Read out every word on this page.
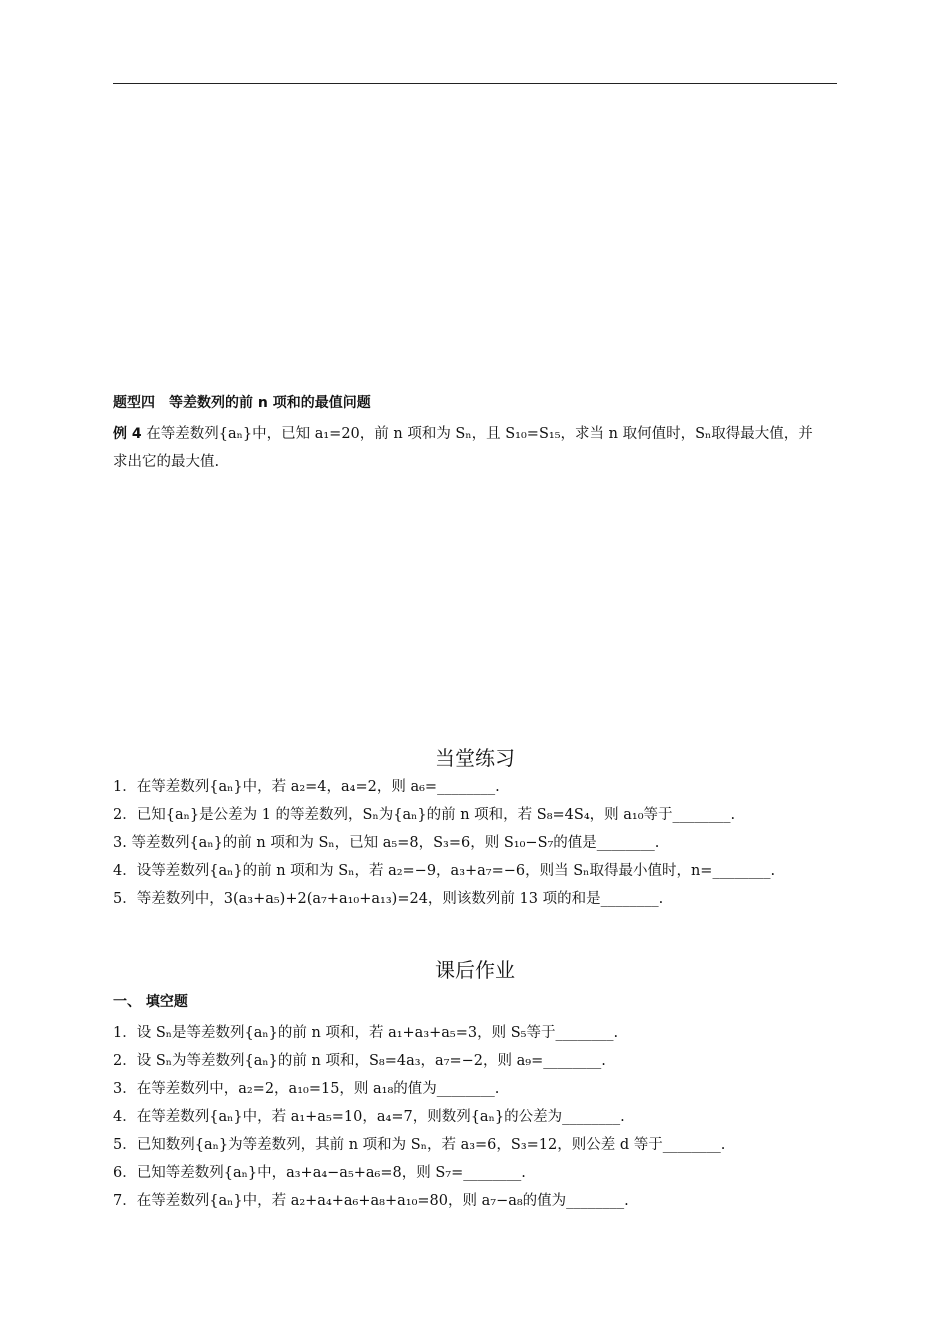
题型四　等差数列的前 n 项和的最值问题
例 4 在等差数列{aₙ}中，已知 a₁=20，前 n 项和为 Sₙ，且 S₁₀=S₁₅，求当 n 取何值时，Sₙ取得最大值，并
求出它的最大值.
当堂练习
1．在等差数列{aₙ}中，若 a₂=4，a₄=2，则 a₆=________.
2．已知{aₙ}是公差为 1 的等差数列，Sₙ为{aₙ}的前 n 项和，若 S₈=4S₄，则 a₁₀等于________.
3. 等差数列{aₙ}的前 n 项和为 Sₙ，已知 a₅=8，S₃=6，则 S₁₀−S₇的值是________.
4．设等差数列{aₙ}的前 n 项和为 Sₙ，若 a₂=−9，a₃+a₇=−6，则当 Sₙ取得最小值时，n=________.
5．等差数列中，3(a₃+a₅)+2(a₇+a₁₀+a₁₃)=24，则该数列前 13 项的和是________.
课后作业
一、 填空题
1．设 Sₙ是等差数列{aₙ}的前 n 项和，若 a₁+a₃+a₅=3，则 S₅等于________.
2．设 Sₙ为等差数列{aₙ}的前 n 项和，S₈=4a₃，a₇=−2，则 a₉=________.
3．在等差数列中，a₂=2，a₁₀=15，则 a₁₈的值为________.
4．在等差数列{aₙ}中，若 a₁+a₅=10，a₄=7，则数列{aₙ}的公差为________.
5．已知数列{aₙ}为等差数列，其前 n 项和为 Sₙ，若 a₃=6，S₃=12，则公差 d 等于________.
6．已知等差数列{aₙ}中，a₃+a₄−a₅+a₆=8，则 S₇=________.
7．在等差数列{aₙ}中，若 a₂+a₄+a₆+a₈+a₁₀=80，则 a₇−a₈的值为________.
